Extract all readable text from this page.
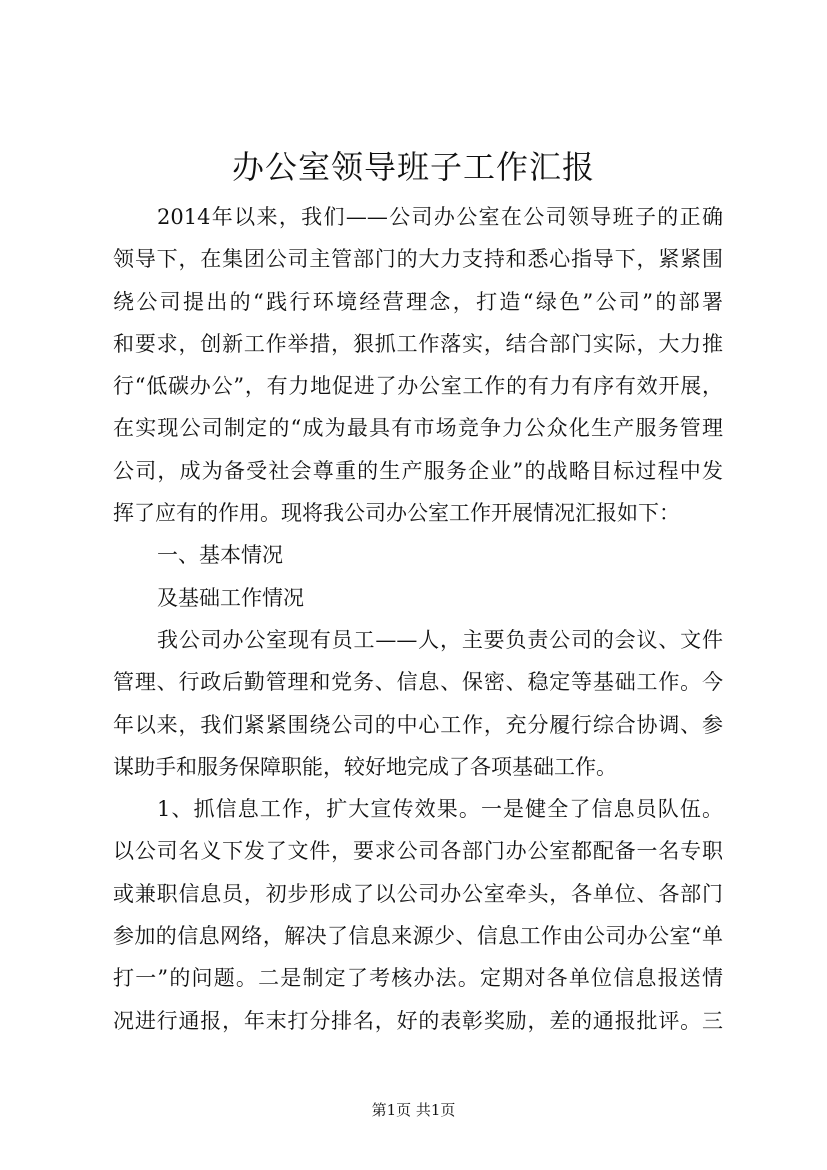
办公室领导班子工作汇报
2014年以来，我们——公司办公室在公司领导班子的正确
领导下，在集团公司主管部门的大力支持和悉心指导下，紧紧围
绕公司提出的“践行环境经营理念，打造“绿色”公司”的部署
和要求，创新工作举措，狠抓工作落实，结合部门实际，大力推
行“低碳办公”，有力地促进了办公室工作的有力有序有效开展，
在实现公司制定的“成为最具有市场竞争力公众化生产服务管理
公司，成为备受社会尊重的生产服务企业”的战略目标过程中发
挥了应有的作用。现将我公司办公室工作开展情况汇报如下：
一、基本情况
及基础工作情况
我公司办公室现有员工——人，主要负责公司的会议、文件
管理、行政后勤管理和党务、信息、保密、稳定等基础工作。今
年以来，我们紧紧围绕公司的中心工作，充分履行综合协调、参
谋助手和服务保障职能，较好地完成了各项基础工作。
1、抓信息工作，扩大宣传效果。一是健全了信息员队伍。
以公司名义下发了文件，要求公司各部门办公室都配备一名专职
或兼职信息员，初步形成了以公司办公室牵头，各单位、各部门
参加的信息网络，解决了信息来源少、信息工作由公司办公室“单
打一”的问题。二是制定了考核办法。定期对各单位信息报送情
况进行通报，年末打分排名，好的表彰奖励，差的通报批评。三
第1页 共1页
